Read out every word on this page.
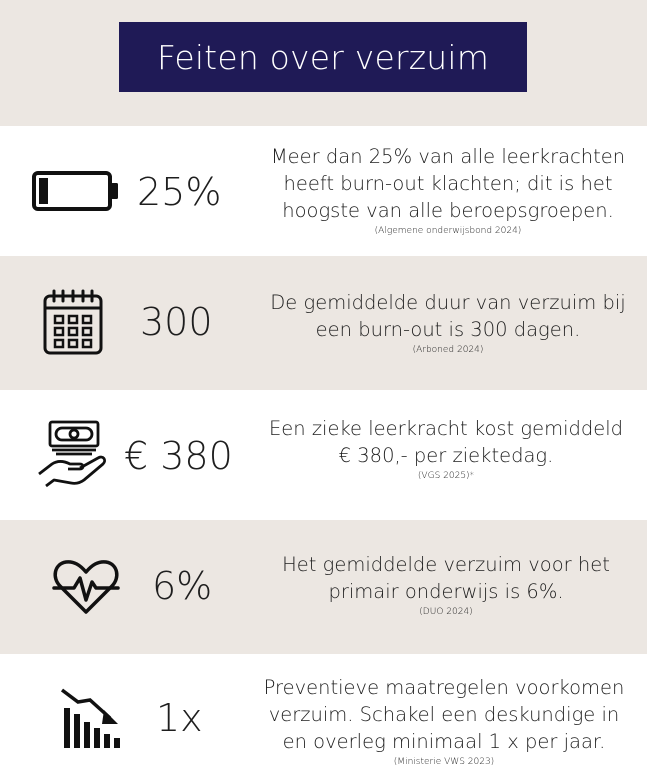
Feiten over verzuim
25%
Meer dan 25% van alle leerkrachten
heeft burn-out klachten; dit is het
hoogste van alle beroepsgroepen.
(Algemene onderwijsbond 2024)
300	De gemiddelde duur van verzuim bij
een burn-out is 300 dagen.
(Arboned 2024)
€ 380
Een zieke leerkracht kost gemiddeld
€ 380,- per ziektedag.
(VGS 2025)*
6%	Het gemiddelde verzuim voor het
primair onderwijs is 6%.
(DUO 2024)
1x
Preventieve maatregelen voorkomen
verzuim. Schakel een deskundige in
en overleg minimaal 1 x per jaar.
(Ministerie VWS 2023)
